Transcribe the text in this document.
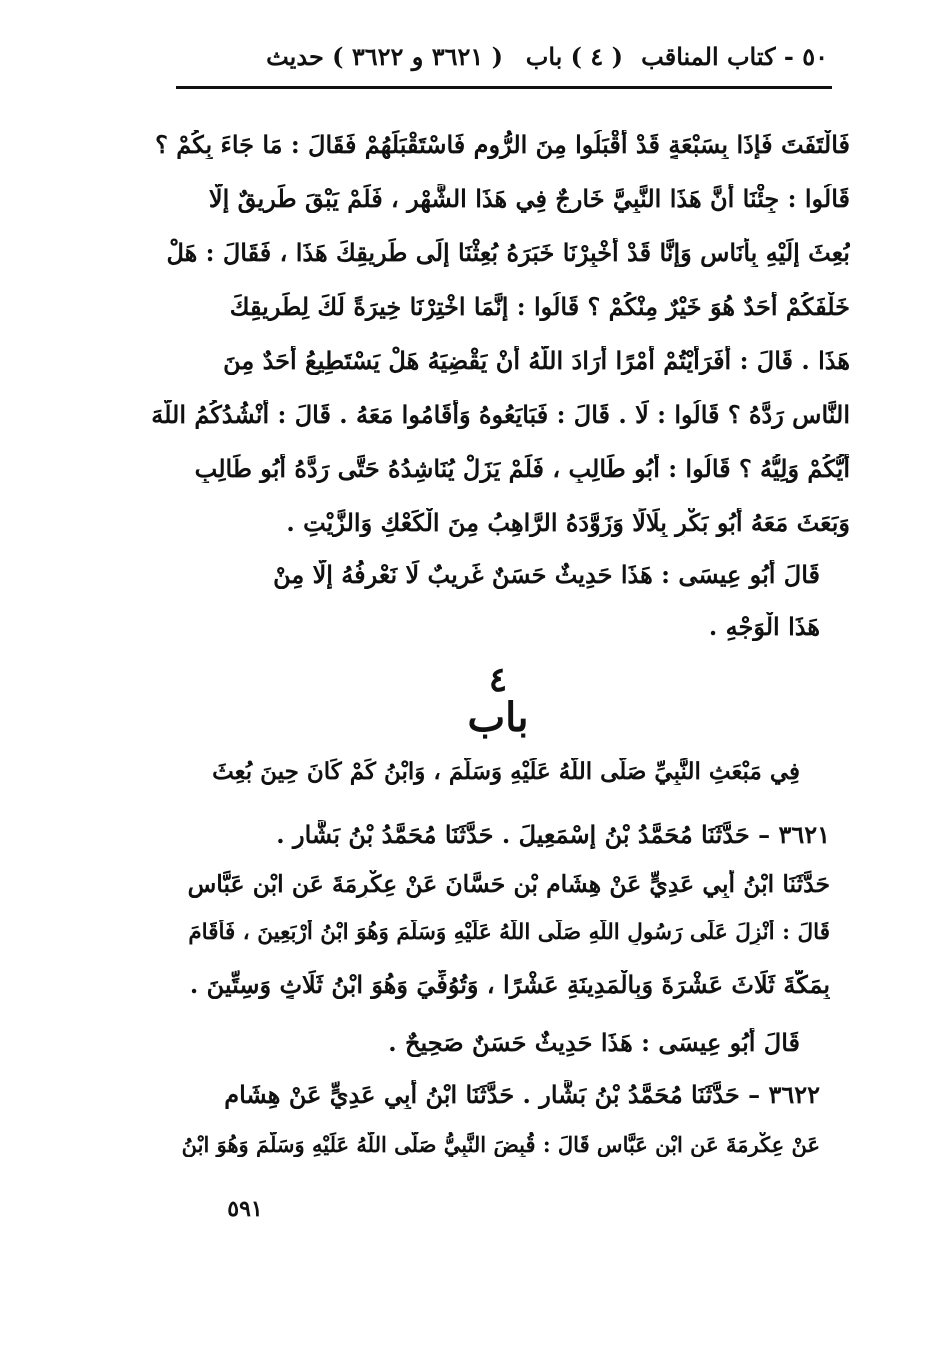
٥٠ - كتاب المناقب
( ٤ ) باب
( ٣٦٢١ و ٣٦٢٢ ) حديث
فَالْتَفَتَ فَإِذَا بِسَبْعَةٍ قَدْ أَقْبَلُوا مِنَ الرُّومِ فَاسْتَقْبَلَهُمْ فَقَالَ : مَا جَاءَ بِكُمْ ؟
قَالُوا : جِئْنَا أَنَّ هَذَا النَّبِيَّ خَارِجٌ فِي هَذَا الشَّهْرِ ، فَلَمْ يَبْقَ طَرِيقٌ إِلَّا
بُعِثَ إِلَيْهِ بِأُنَاسٍ وَإِنَّا قَدْ أُخْبِرْنَا خَبَرَهُ بُعِثْنَا إِلَى طَرِيقِكَ هَذَا ، فَقَالَ : هَلْ
خَلْفَكُمْ أَحَدٌ هُوَ خَيْرٌ مِنْكُمْ ؟ قَالُوا : إِنَّمَا اخْتِرْنَا خِيرَةً لَكَ لِطَرِيقِكَ
هَذَا . قَالَ : أَفَرَأَيْتُمْ أَمْرًا أَرَادَ اللَّهُ أَنْ يَقْضِيَهُ هَلْ يَسْتَطِيعُ أَحَدٌ مِنَ
النَّاسِ رَدَّهُ ؟ قَالُوا : لَا . قَالَ : فَبَايَعُوهُ وَأَقَامُوا مَعَهُ . قَالَ : أَنْشُدُكُمُ اللَّهَ
أَيُّكُمْ وَلِيُّهُ ؟ قَالُوا : أَبُو طَالِبٍ ، فَلَمْ يَزَلْ يُنَاشِدُهُ حَتَّى رَدَّهُ أَبُو طَالِبٍ
وَبَعَثَ مَعَهُ أَبُو بَكْرٍ بِلَالًا وَزَوَّدَهُ الرَّاهِبُ مِنَ الْكَعْكِ وَالزَّيْتِ .
قَالَ أَبُو عِيسَى : هَذَا حَدِيثٌ حَسَنٌ غَرِيبٌ لَا نَعْرِفُهُ إِلَّا مِنْ
هَذَا الْوَجْهِ .
٤
باب
فِي مَبْعَثِ النَّبِيِّ صَلَّى اللَّهُ عَلَيْهِ وَسَلَّمَ ، وَابْنُ كَمْ كَانَ حِينَ بُعِثَ
٣٦٢١ – حَدَّثَنَا مُحَمَّدُ بْنُ إِسْمَعِيلَ . حَدَّثَنَا مُحَمَّدُ بْنُ بَشَّارٍ .
حَدَّثَنَا ابْنُ أَبِي عَدِيٍّ عَنْ هِشَامِ بْنِ حَسَّانَ عَنْ عِكْرِمَةَ عَنِ ابْنِ عَبَّاسٍ
قَالَ : أُنْزِلَ عَلَى رَسُولِ اللَّهِ صَلَّى اللَّهُ عَلَيْهِ وَسَلَّمَ وَهُوَ ابْنُ أَرْبَعِينَ ، فَأَقَامَ
بِمَكَّةَ ثَلَاثَ عَشْرَةَ وَبِالْمَدِينَةِ عَشْرًا ، وَتُوُفِّيَ وَهُوَ ابْنُ ثَلَاثٍ وَسِتِّينَ .
قَالَ أَبُو عِيسَى : هَذَا حَدِيثٌ حَسَنٌ صَحِيحٌ .
٣٦٢٢ – حَدَّثَنَا مُحَمَّدُ بْنُ بَشَّارٍ . حَدَّثَنَا ابْنُ أَبِي عَدِيٍّ عَنْ هِشَامٍ
عَنْ عِكْرِمَةَ عَنِ ابْنِ عَبَّاسٍ قَالَ : قُبِضَ النَّبِيُّ صَلَّى اللَّهُ عَلَيْهِ وَسَلَّمَ وَهُوَ ابْنُ
٥٩١
